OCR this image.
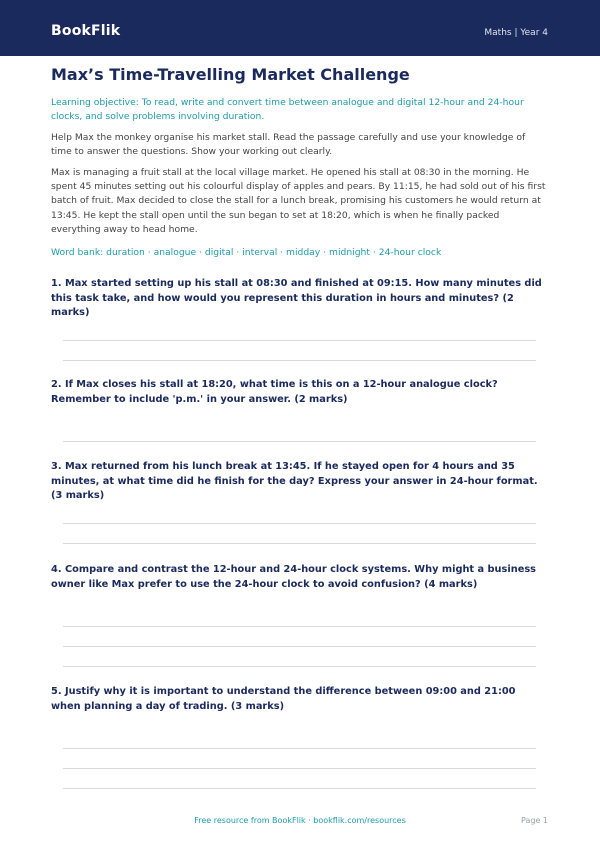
BookFlik	Maths | Year 4
Max’s Time-Travelling Market Challenge
Learning objective: To read, write and convert time between analogue and digital 12-hour and 24-hour clocks, and solve problems involving duration.
Help Max the monkey organise his market stall. Read the passage carefully and use your knowledge of time to answer the questions. Show your working out clearly.
Max is managing a fruit stall at the local village market. He opened his stall at 08:30 in the morning. He spent 45 minutes setting out his colourful display of apples and pears. By 11:15, he had sold out of his first batch of fruit. Max decided to close the stall for a lunch break, promising his customers he would return at 13:45. He kept the stall open until the sun began to set at 18:20, which is when he finally packed everything away to head home.
Word bank: duration · analogue · digital · interval · midday · midnight · 24-hour clock
1. Max started setting up his stall at 08:30 and finished at 09:15. How many minutes did this task take, and how would you represent this duration in hours and minutes? (2 marks)
2. If Max closes his stall at 18:20, what time is this on a 12-hour analogue clock? Remember to include 'p.m.' in your answer. (2 marks)
3. Max returned from his lunch break at 13:45. If he stayed open for 4 hours and 35 minutes, at what time did he finish for the day? Express your answer in 24-hour format. (3 marks)
4. Compare and contrast the 12-hour and 24-hour clock systems. Why might a business owner like Max prefer to use the 24-hour clock to avoid confusion? (4 marks)
5. Justify why it is important to understand the difference between 09:00 and 21:00 when planning a day of trading. (3 marks)
Free resource from BookFlik · bookflik.com/resources	Page 1
